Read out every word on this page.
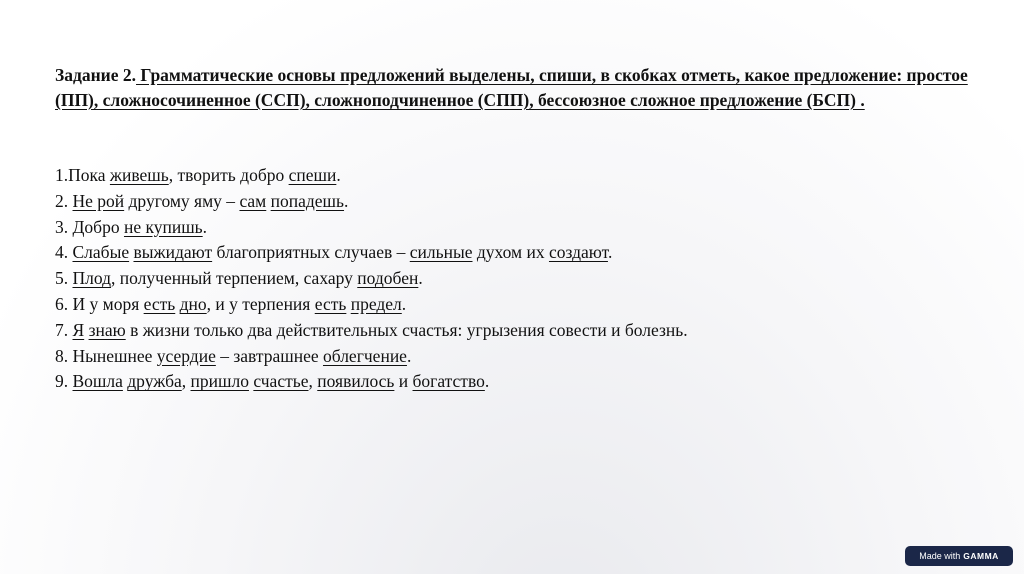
Задание 2. Грамматические основы предложений выделены, спиши, в скобках отметь, какое предложение: простое (ПП), сложносочиненное (ССП), сложноподчиненное (СПП), бессоюзное сложное предложение (БСП) .
1.Пока живешь, творить добро спеши.
2. Не рой другому яму – сам попадешь.
3. Добро не купишь.
4. Слабые выжидают благоприятных случаев – сильные духом их создают.
5. Плод, полученный терпением, сахару подобен.
6. И у моря есть дно, и у терпения есть предел.
7. Я знаю в жизни только два действительных счастья: угрызения совести и болезнь.
8. Нынешнее усердие – завтрашнее облегчение.
9. Вошла дружба, пришло счастье, появилось и богатство.
Made with GAMMA
